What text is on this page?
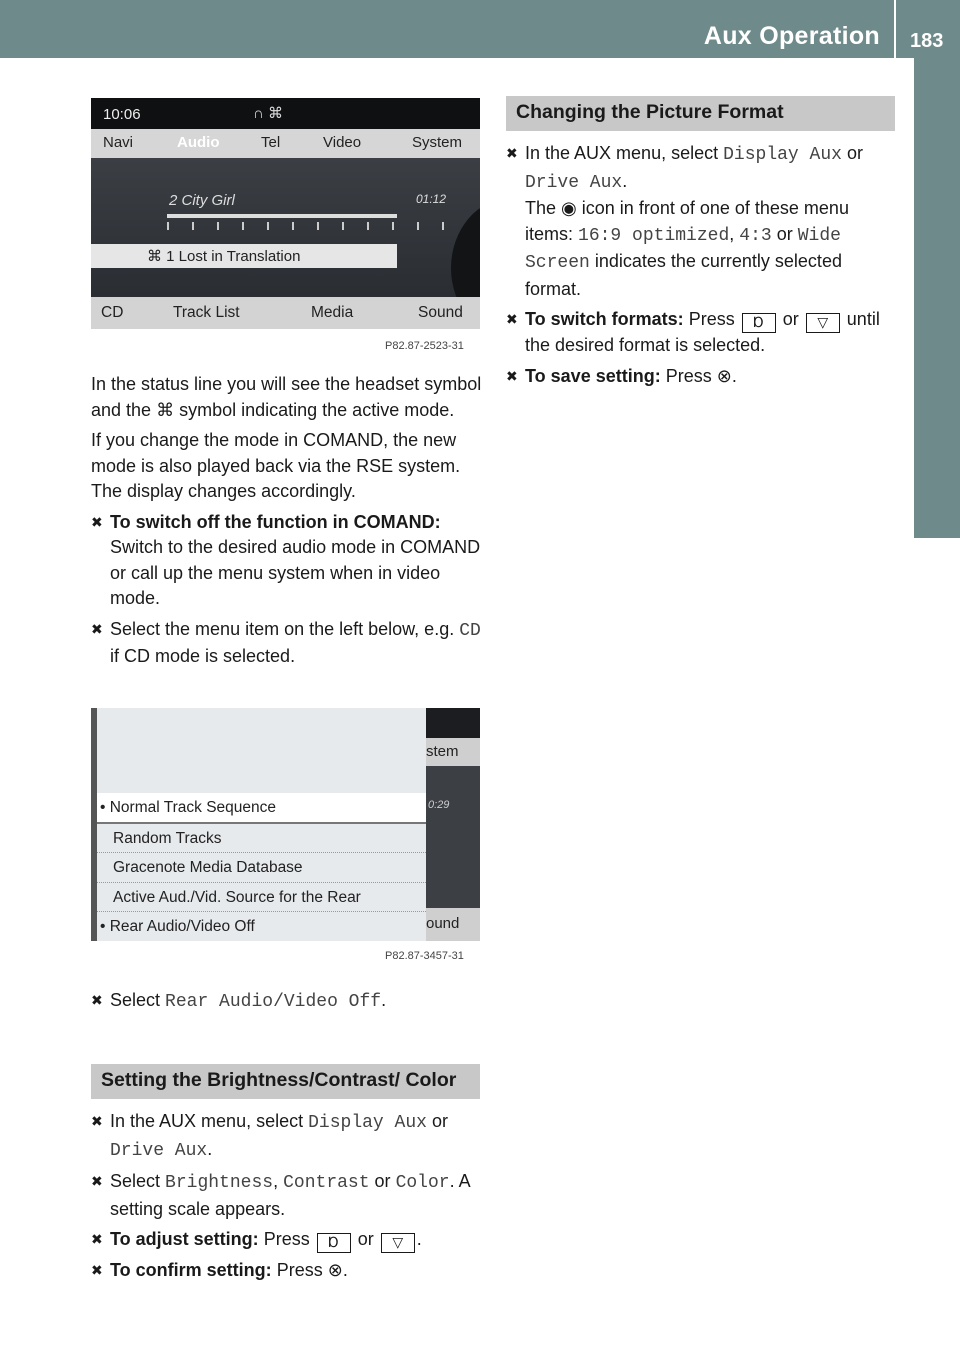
Aux Operation 183
Rear Seat Entertainment
10:06	∩ ⌘
Navi	Audio	Tel	Video	System
2 City Girl	01:12
⌘ 1 Lost in Translation
CD	Track List	Media	Sound
P82.87-2523-31

In the status line you will see the headset symbol and the ⌘ symbol indicating the active mode.

If you change the mode in COMAND, the new mode is also played back via the RSE system. The display changes accordingly.

✖ To switch off the function in COMAND: Switch to the desired audio mode in COMAND or call up the menu system when in video mode.
✖ Select the menu item on the left below, e.g. CD if CD mode is selected.
stem
0:29
ound
• Normal Track Sequence
Random Tracks
Gracenote Media Database
Active Aud./Vid. Source for the Rear
• Rear Audio/Video Off
P82.87-3457-31
✖ Select Rear Audio/Video Off.
Setting the Brightness/Contrast/ Color
✖ In the AUX menu, select Display Aux or Drive Aux.
✖ Select Brightness, Contrast or Color. A setting scale appears.
✖ To adjust setting: Press Ɒ or ▽ .
✖ To confirm setting: Press ⊗.
Changing the Picture Format
✖ In the AUX menu, select Display Aux or Drive Aux.
The ◉ icon in front of one of these menu items: 16:9 optimized, 4:3 or Wide Screen indicates the currently selected format.
✖ To switch formats: Press Ɒ or ▽ until the desired format is selected.
✖ To save setting: Press ⊗.
